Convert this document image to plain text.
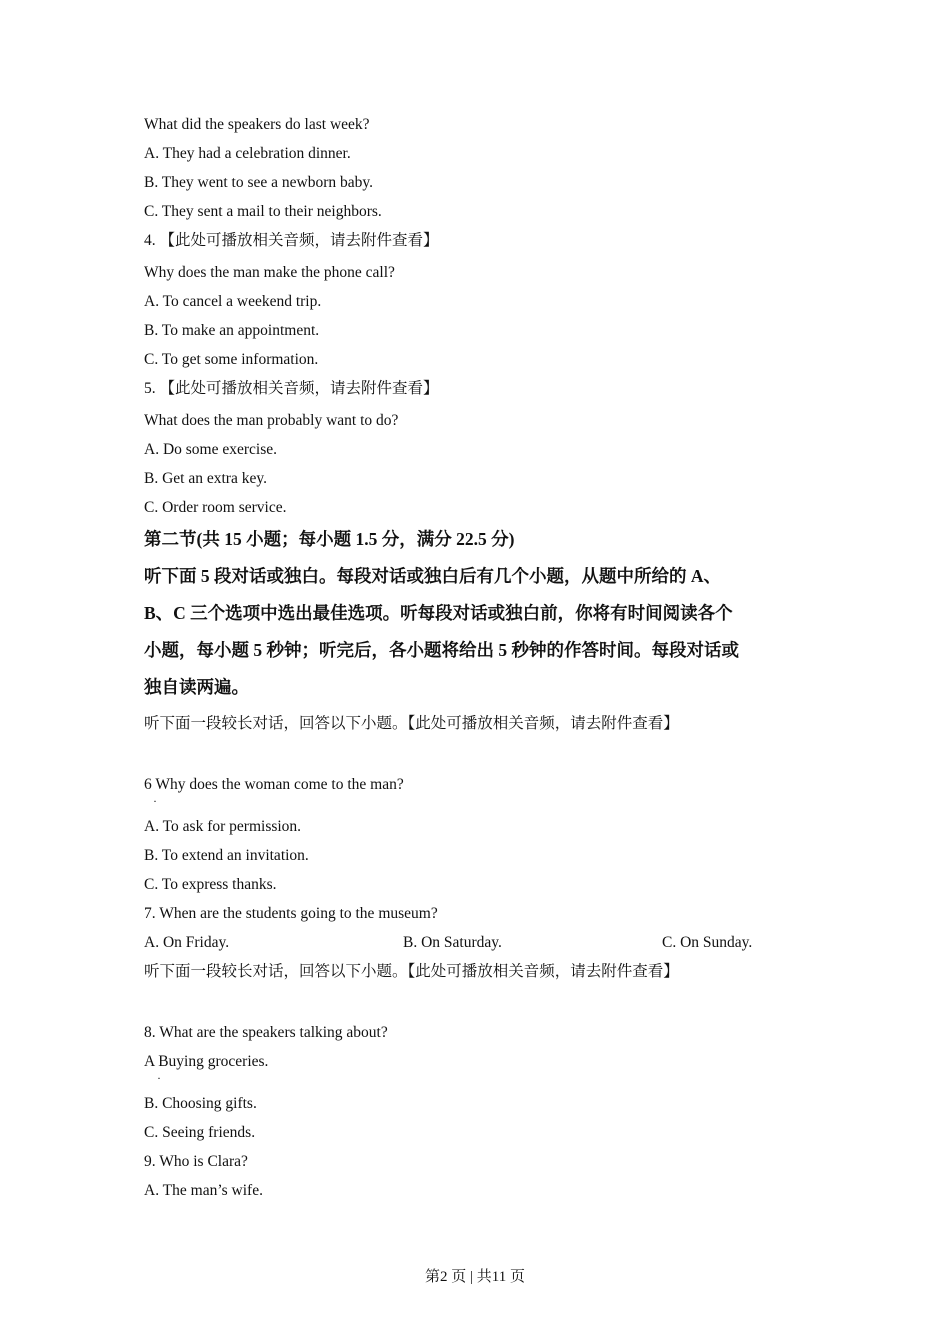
What did the speakers do last week?
A. They had a celebration dinner.
B. They went to see a newborn baby.
C. They sent a mail to their neighbors.
4. 【此处可播放相关音频，请去附件查看】
Why does the man make the phone call?
A. To cancel a weekend trip.
B. To make an appointment.
C. To get some information.
5. 【此处可播放相关音频，请去附件查看】
What does the man probably want to do?
A. Do some exercise.
B. Get an extra key.
C. Order room service.
第二节(共 15 小题；每小题 1.5 分，满分 22.5 分)
听下面 5 段对话或独白。每段对话或独白后有几个小题，从题中所给的 A、
B、C 三个选项中选出最佳选项。听每段对话或独白前，你将有时间阅读各个
小题，每小题 5 秒钟；听完后，各小题将给出 5 秒钟的作答时间。每段对话或
独自读两遍。
听下面一段较长对话，回答以下小题。【此处可播放相关音频，请去附件查看】
6 Why does the woman come to the man?
·
A. To ask for permission.
B. To extend an invitation.
C. To express thanks.
7. When are the students going to the museum?
A. On Friday.	B. On Saturday.	C. On Sunday.
听下面一段较长对话，回答以下小题。【此处可播放相关音频，请去附件查看】
8. What are the speakers talking about?
A Buying groceries.
·
B. Choosing gifts.
C. Seeing friends.
9. Who is Clara?
A. The man’s wife.
第2 页 | 共11 页
